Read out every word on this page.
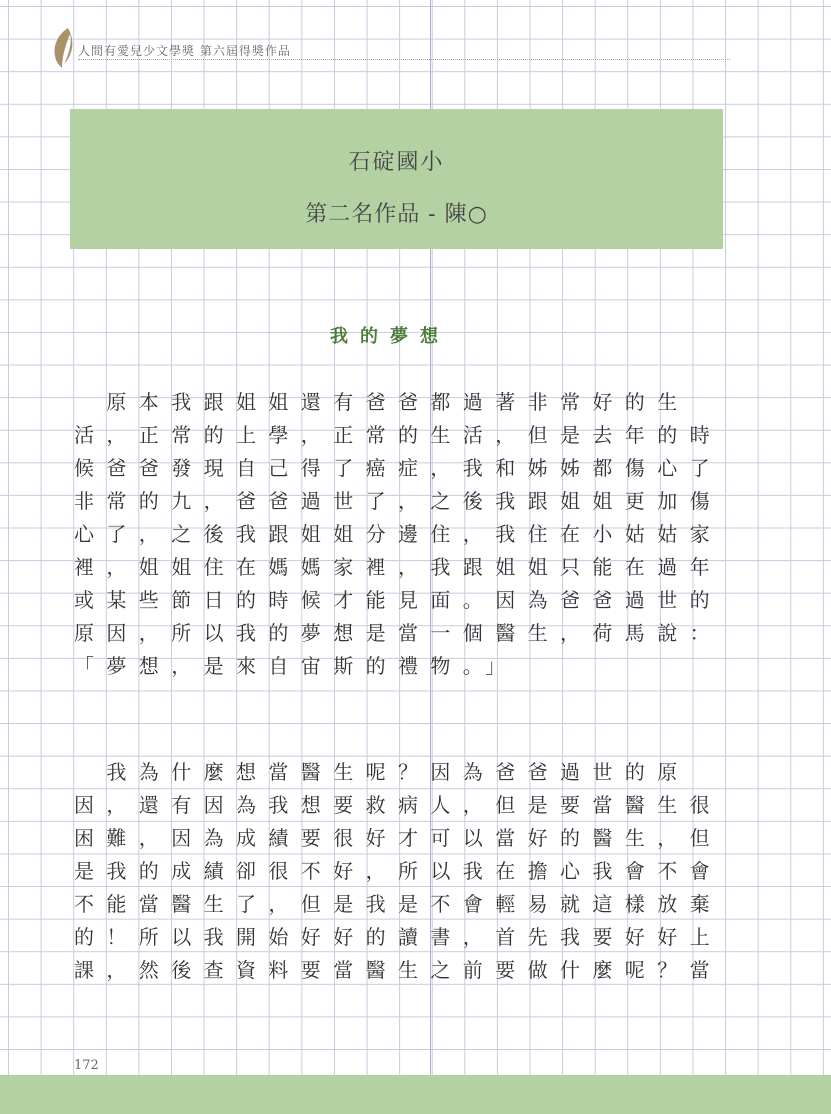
人間有愛兒少文學獎 第六屆得獎作品
石碇國小
第二名作品 - 陳○
我的夢想
　原本我跟姐姐還有爸爸都過著非常好的生
活，正常的上學，正常的生活，但是去年的時
候爸爸發現自己得了癌症，我和姊姊都傷心了
非常的九，爸爸過世了，之後我跟姐姐更加傷
心了，之後我跟姐姐分邊住，我住在小姑姑家
裡，姐姐住在媽媽家裡，我跟姐姐只能在過年
或某些節日的時候才能見面。因為爸爸過世的
原因，所以我的夢想是當一個醫生，荷馬說：
「夢想，是來自宙斯的禮物。」
　我為什麼想當醫生呢？因為爸爸過世的原
因，還有因為我想要救病人，但是要當醫生很
困難，因為成績要很好才可以當好的醫生，但
是我的成績卻很不好，所以我在擔心我會不會
不能當醫生了，但是我是不會輕易就這樣放棄
的！所以我開始好好的讀書，首先我要好好上
課，然後查資料要當醫生之前要做什麼呢？當
172
